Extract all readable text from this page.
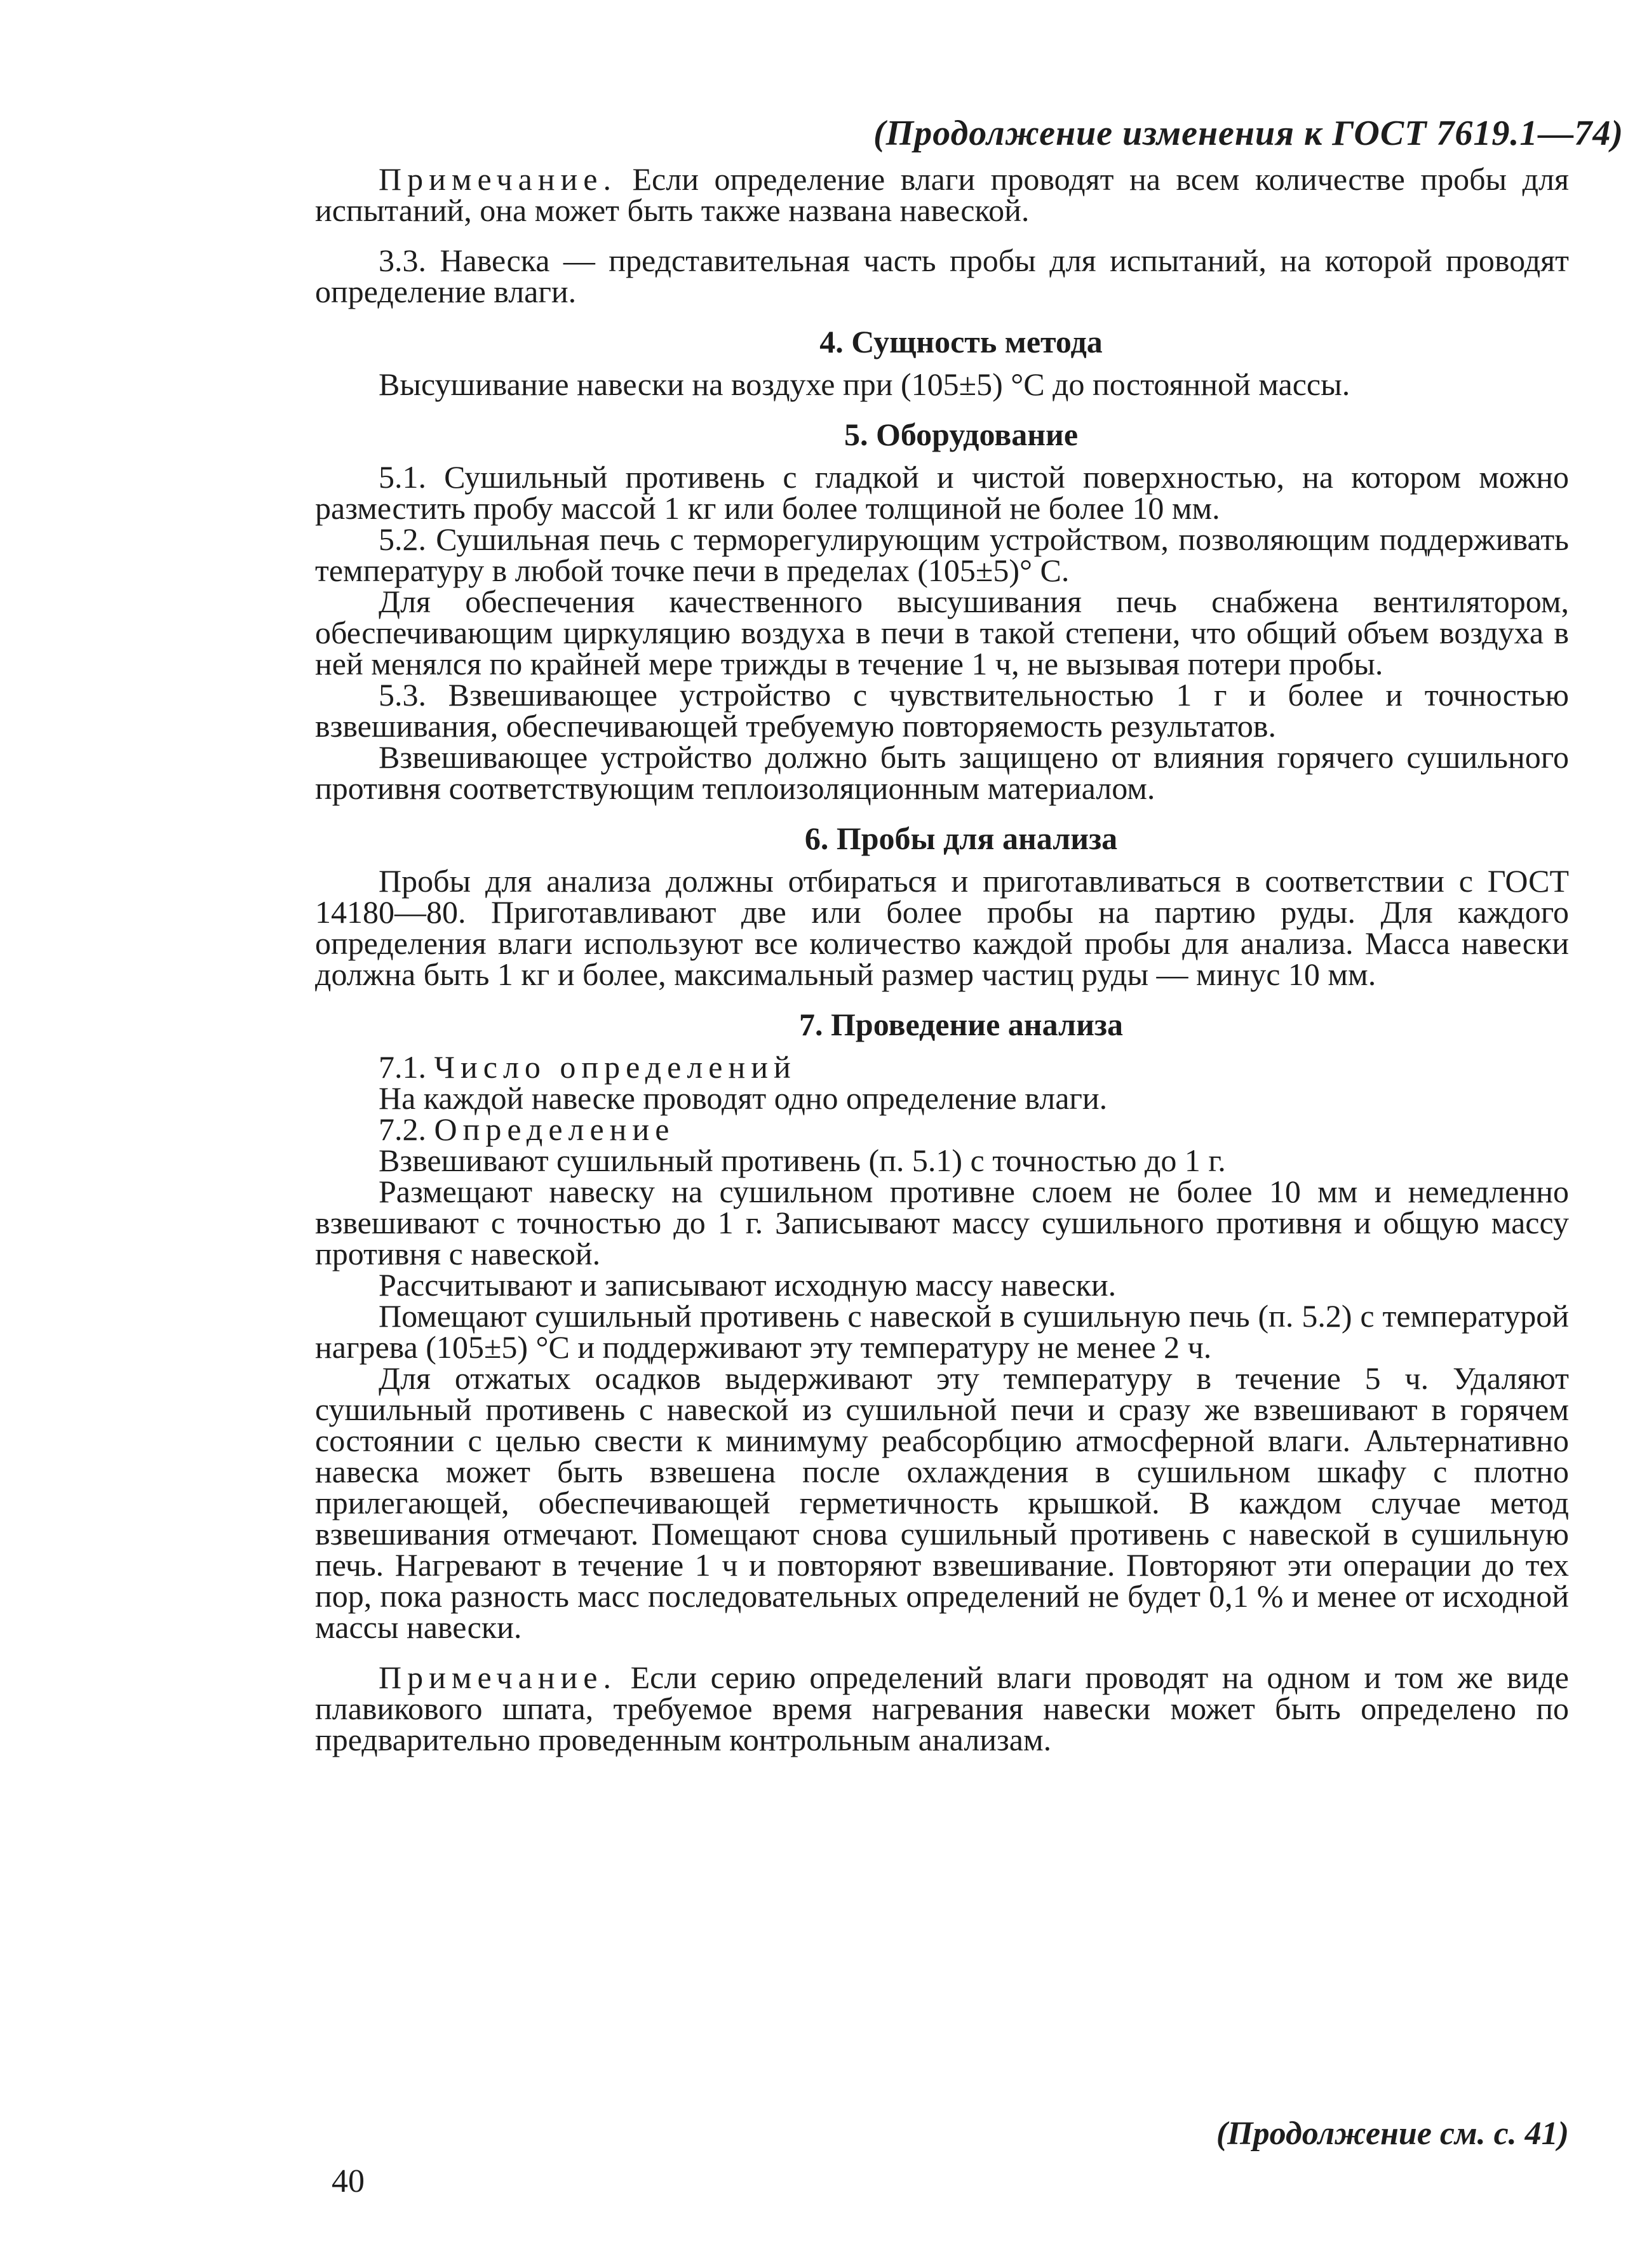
(Продолжение изменения к ГОСТ 7619.1—74)

Примечание. Если определение влаги проводят на всем количестве пробы для испытаний, она может быть также названа навеской.

3.3. Навеска — представительная часть пробы для испытаний, на которой проводят определение влаги.

4. Сущность метода

Высушивание навески на воздухе при (105±5) °С до постоянной массы.

5. Оборудование

5.1. Сушильный противень с гладкой и чистой поверхностью, на котором можно разместить пробу массой 1 кг или более толщиной не более 10 мм.

5.2. Сушильная печь с терморегулирующим устройством, позволяющим поддерживать температуру в любой точке печи в пределах (105±5)° С.

Для обеспечения качественного высушивания печь снабжена вентилятором, обеспечивающим циркуляцию воздуха в печи в такой степени, что общий объем воздуха в ней менялся по крайней мере трижды в течение 1 ч, не вызывая потери пробы.

5.3. Взвешивающее устройство с чувствительностью 1 г и более и точностью взвешивания, обеспечивающей требуемую повторяемость результатов.

Взвешивающее устройство должно быть защищено от влияния горячего сушильного противня соответствующим теплоизоляционным материалом.

6. Пробы для анализа

Пробы для анализа должны отбираться и приготавливаться в соответствии с ГОСТ 14180—80. Приготавливают две или более пробы на партию руды. Для каждого определения влаги используют все количество каждой пробы для анализа. Масса навески должна быть 1 кг и более, максимальный размер частиц руды — минус 10 мм.

7. Проведение анализа

7.1. Число определений

На каждой навеске проводят одно определение влаги.

7.2. Определение

Взвешивают сушильный противень (п. 5.1) с точностью до 1 г.

Размещают навеску на сушильном противне слоем не более 10 мм и немедленно взвешивают с точностью до 1 г. Записывают массу сушильного противня и общую массу противня с навеской.

Рассчитывают и записывают исходную массу навески.

Помещают сушильный противень с навеской в сушильную печь (п. 5.2) с температурой нагрева (105±5) °С и поддерживают эту температуру не менее 2 ч.

Для отжатых осадков выдерживают эту температуру в течение 5 ч. Удаляют сушильный противень с навеской из сушильной печи и сразу же взвешивают в горячем состоянии с целью свести к минимуму реабсорбцию атмосферной влаги. Альтернативно навеска может быть взвешена после охлаждения в сушильном шкафу с плотно прилегающей, обеспечивающей герметичность крышкой. В каждом случае метод взвешивания отмечают. Помещают снова сушильный противень с навеской в сушильную печь. Нагревают в течение 1 ч и повторяют взвешивание. Повторяют эти операции до тех пор, пока разность масс последовательных определений не будет 0,1 % и менее от исходной массы навески.

Примечание. Если серию определений влаги проводят на одном и том же виде плавикового шпата, требуемое время нагревания навески может быть определено по предварительно проведенным контрольным анализам.

(Продолжение см. с. 41)
40
